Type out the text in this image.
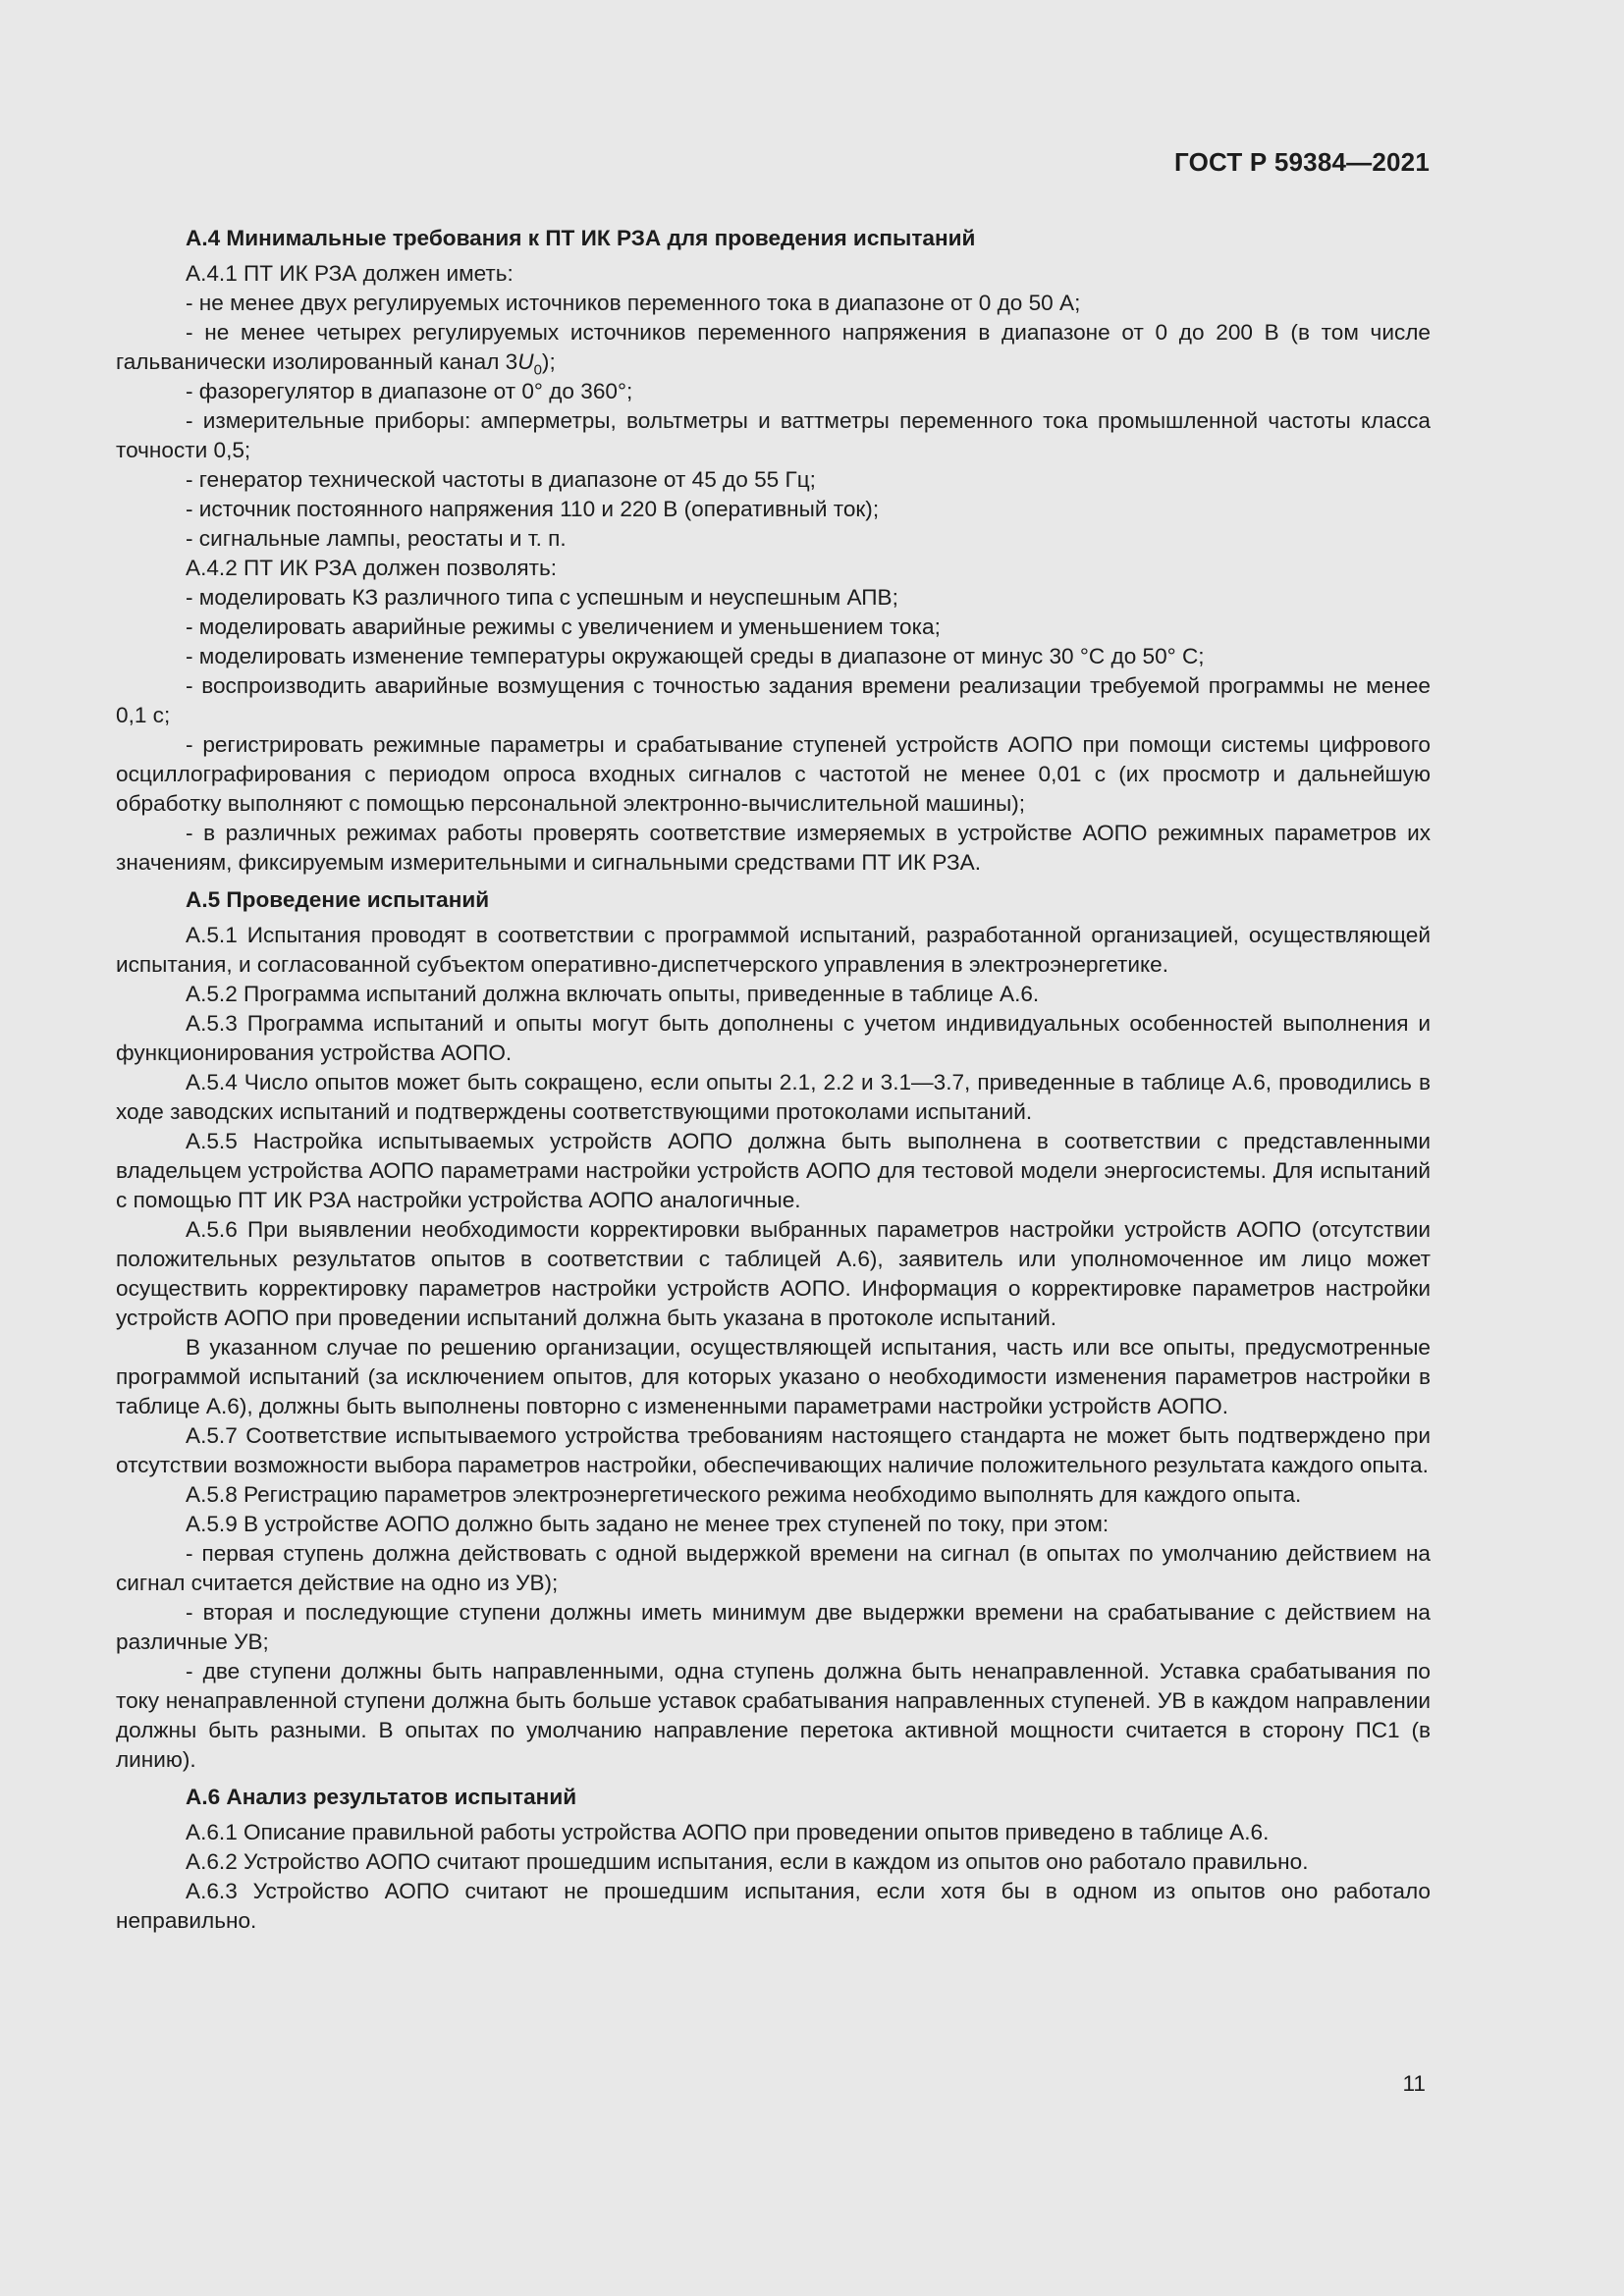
ГОСТ Р 59384—2021
А.4 Минимальные требования к ПТ ИК РЗА для проведения испытаний
А.4.1 ПТ ИК РЗА должен иметь:
- не менее двух регулируемых источников переменного тока в диапазоне от 0 до 50 А;
- не менее четырех регулируемых источников переменного напряжения в диапазоне от 0 до 200 В (в том числе гальванически изолированный канал $3U_0$);
- фазорегулятор в диапазоне от 0° до 360°;
- измерительные приборы: амперметры, вольтметры и ваттметры переменного тока промышленной частоты класса точности 0,5;
- генератор технической частоты в диапазоне от 45 до 55 Гц;
- источник постоянного напряжения 110 и 220 В (оперативный ток);
- сигнальные лампы, реостаты и т. п.
А.4.2 ПТ ИК РЗА должен позволять:
- моделировать КЗ различного типа с успешным и неуспешным АПВ;
- моделировать аварийные режимы с увеличением и уменьшением тока;
- моделировать изменение температуры окружающей среды в диапазоне от минус 30 °С до 50° С;
- воспроизводить аварийные возмущения с точностью задания времени реализации требуемой программы не менее 0,1 с;
- регистрировать режимные параметры и срабатывание ступеней устройств АОПО при помощи системы цифрового осциллографирования с периодом опроса входных сигналов с частотой не менее 0,01 с (их просмотр и дальнейшую обработку выполняют с помощью персональной электронно-вычислительной машины);
- в различных режимах работы проверять соответствие измеряемых в устройстве АОПО режимных параметров их значениям, фиксируемым измерительными и сигнальными средствами ПТ ИК РЗА.
А.5 Проведение испытаний
А.5.1 Испытания проводят в соответствии с программой испытаний, разработанной организацией, осуществляющей испытания, и согласованной субъектом оперативно-диспетчерского управления в электроэнергетике.
А.5.2 Программа испытаний должна включать опыты, приведенные в таблице А.6.
А.5.3 Программа испытаний и опыты могут быть дополнены с учетом индивидуальных особенностей выполнения и функционирования устройства АОПО.
А.5.4 Число опытов может быть сокращено, если опыты 2.1, 2.2 и 3.1—3.7, приведенные в таблице А.6, проводились в ходе заводских испытаний и подтверждены соответствующими протоколами испытаний.
А.5.5 Настройка испытываемых устройств АОПО должна быть выполнена в соответствии с представленными владельцем устройства АОПО параметрами настройки устройств АОПО для тестовой модели энергосистемы. Для испытаний с помощью ПТ ИК РЗА настройки устройства АОПО аналогичные.
А.5.6 При выявлении необходимости корректировки выбранных параметров настройки устройств АОПО (отсутствии положительных результатов опытов в соответствии с таблицей А.6), заявитель или уполномоченное им лицо может осуществить корректировку параметров настройки устройств АОПО. Информация о корректировке параметров настройки устройств АОПО при проведении испытаний должна быть указана в протоколе испытаний.
В указанном случае по решению организации, осуществляющей испытания, часть или все опыты, предусмотренные программой испытаний (за исключением опытов, для которых указано о необходимости изменения параметров настройки в таблице А.6), должны быть выполнены повторно с измененными параметрами настройки устройств АОПО.
А.5.7 Соответствие испытываемого устройства требованиям настоящего стандарта не может быть подтверждено при отсутствии возможности выбора параметров настройки, обеспечивающих наличие положительного результата каждого опыта.
А.5.8 Регистрацию параметров электроэнергетического режима необходимо выполнять для каждого опыта.
А.5.9 В устройстве АОПО должно быть задано не менее трех ступеней по току, при этом:
- первая ступень должна действовать с одной выдержкой времени на сигнал (в опытах по умолчанию действием на сигнал считается действие на одно из УВ);
- вторая и последующие ступени должны иметь минимум две выдержки времени на срабатывание с действием на различные УВ;
- две ступени должны быть направленными, одна ступень должна быть ненаправленной. Уставка срабатывания по току ненаправленной ступени должна быть больше уставок срабатывания направленных ступеней. УВ в каждом направлении должны быть разными. В опытах по умолчанию направление перетока активной мощности считается в сторону ПС1 (в линию).
А.6 Анализ результатов испытаний
А.6.1 Описание правильной работы устройства АОПО при проведении опытов приведено в таблице А.6.
А.6.2 Устройство АОПО считают прошедшим испытания, если в каждом из опытов оно работало правильно.
А.6.3 Устройство АОПО считают не прошедшим испытания, если хотя бы в одном из опытов оно работало неправильно.
11
